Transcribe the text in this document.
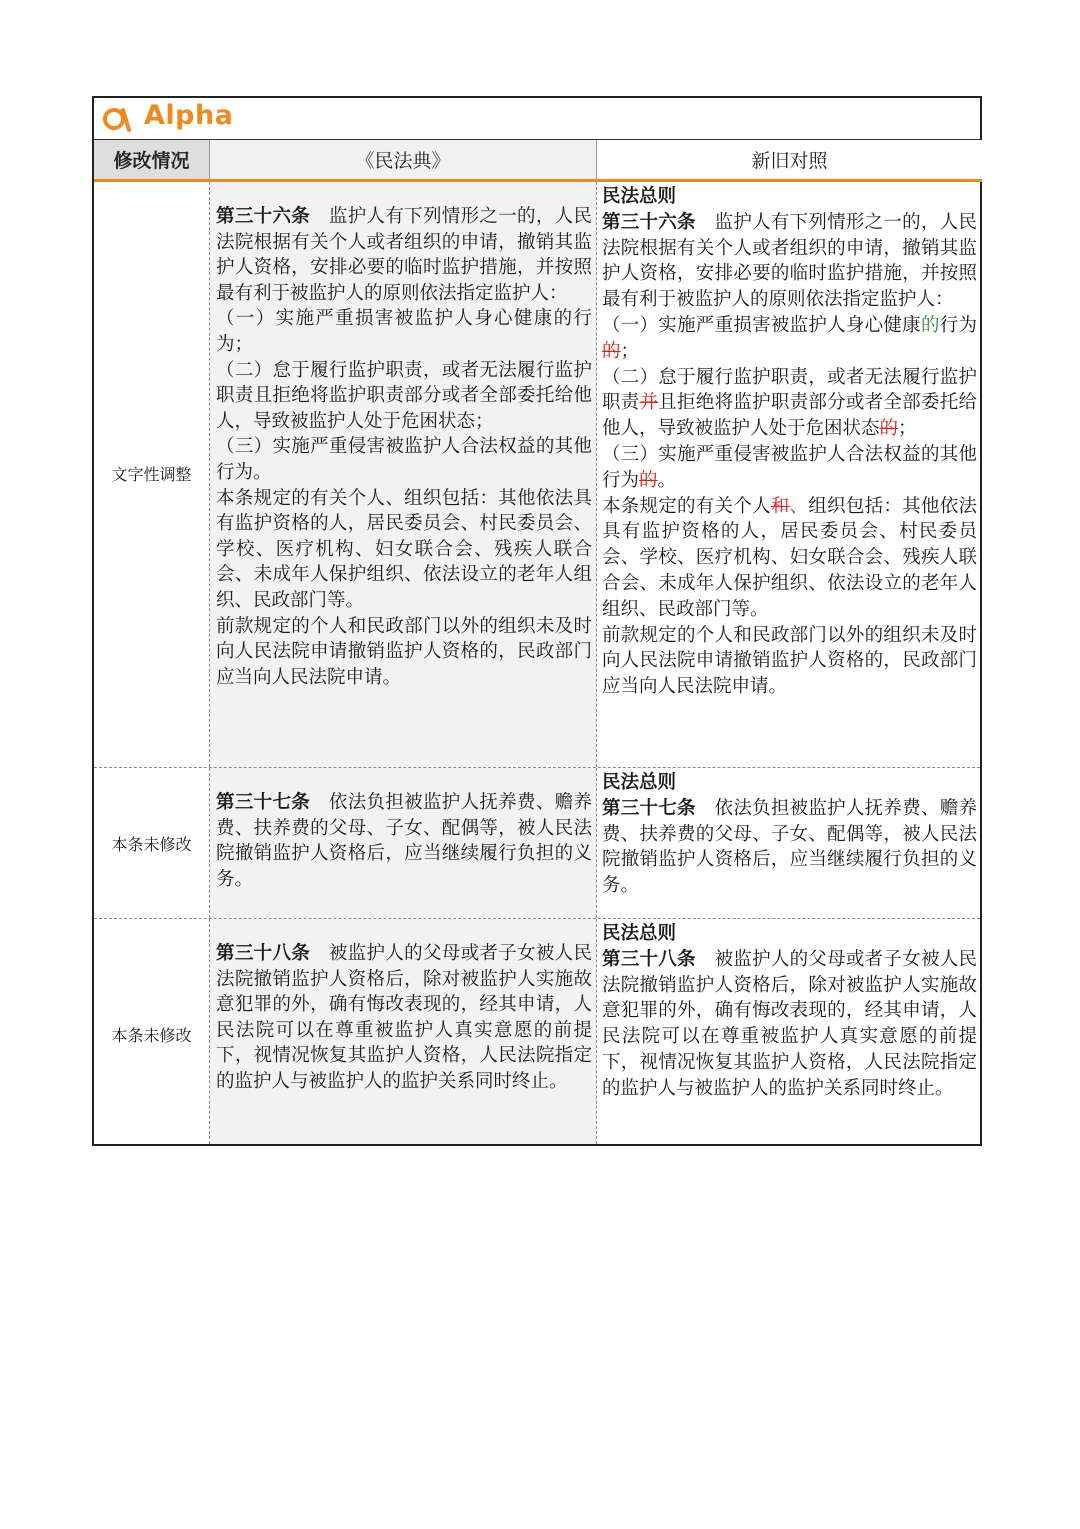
Alpha
修改情况	《民法典》	新旧对照
文字性调整

第三十六条　 监护人有下列情形之一的，人民法院根据有关个人或者组织的申请，撤销其监护人资格，安排必要的临时监护措施，并按照最有利于被监护人的原则依法指定监护人：

（一）实施严重损害被监护人身心健康的行为；

（二）怠于履行监护职责，或者无法履行监护职责且拒绝将监护职责部分或者全部委托给他人，导致被监护人处于危困状态；

（三）实施严重侵害被监护人合法权益的其他行为。

本条规定的有关个人、组织包括：其他依法具有监护资格的人，居民委员会、村民委员会、学校、医疗机构、妇女联合会、残疾人联合会、未成年人保护组织、依法设立的老年人组织、民政部门等。

前款规定的个人和民政部门以外的组织未及时向人民法院申请撤销监护人资格的，民政部门应当向人民法院申请。

民法总则

第三十六条　 监护人有下列情形之一的，人民法院根据有关个人或者组织的申请，撤销其监护人资格，安排必要的临时监护措施，并按照最有利于被监护人的原则依法指定监护人：

（一）实施严重损害被监护人身心健康的行为的；

（二）怠于履行监护职责，或者无法履行监护职责并且拒绝将监护职责部分或者全部委托给他人，导致被监护人处于危困状态的；

（三）实施严重侵害被监护人合法权益的其他行为的。

本条规定的有关个人和、组织包括：其他依法具有监护资格的人，居民委员会、村民委员会、学校、医疗机构、妇女联合会、残疾人联合会、未成年人保护组织、依法设立的老年人组织、民政部门等。

前款规定的个人和民政部门以外的组织未及时向人民法院申请撤销监护人资格的，民政部门应当向人民法院申请。

本条未修改

第三十七条　 依法负担被监护人抚养费、赡养费、扶养费的父母、子女、配偶等，被人民法院撤销监护人资格后，应当继续履行负担的义务。

民法总则

第三十七条　 依法负担被监护人抚养费、赡养费、扶养费的父母、子女、配偶等，被人民法院撤销监护人资格后，应当继续履行负担的义务。

本条未修改

第三十八条　 被监护人的父母或者子女被人民法院撤销监护人资格后，除对被监护人实施故意犯罪的外，确有悔改表现的，经其申请，人民法院可以在尊重被监护人真实意愿的前提下，视情况恢复其监护人资格，人民法院指定的监护人与被监护人的监护关系同时终止。

民法总则

第三十八条　 被监护人的父母或者子女被人民法院撤销监护人资格后，除对被监护人实施故意犯罪的外，确有悔改表现的，经其申请，人民法院可以在尊重被监护人真实意愿的前提下，视情况恢复其监护人资格，人民法院指定的监护人与被监护人的监护关系同时终止。
